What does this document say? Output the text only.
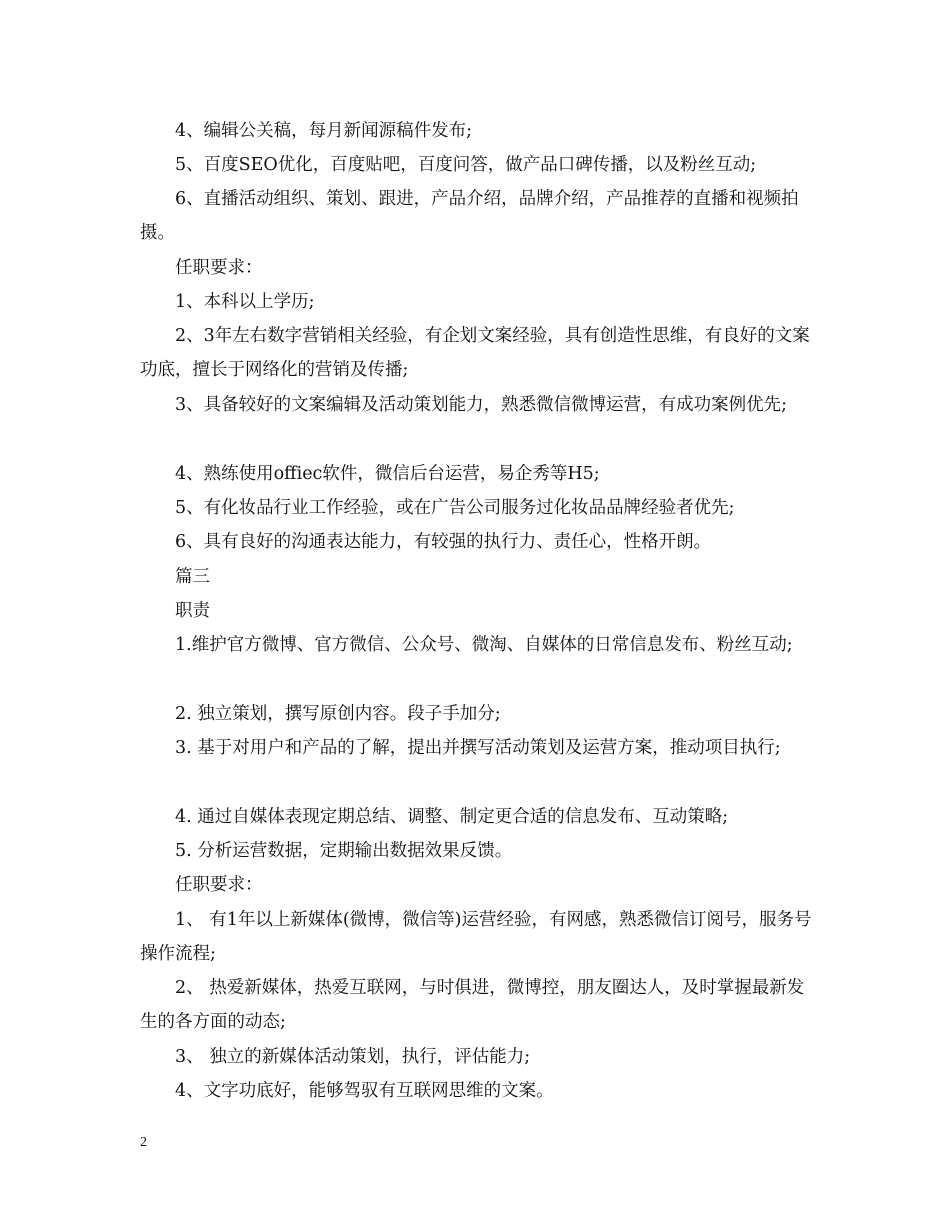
4、编辑公关稿，每月新闻源稿件发布;

5、百度SEO优化，百度贴吧，百度问答，做产品口碑传播，以及粉丝互动;

6、直播活动组织、策划、跟进，产品介绍，品牌介绍，产品推荐的直播和视频拍摄。

任职要求：

1、本科以上学历;

2、3年左右数字营销相关经验，有企划文案经验，具有创造性思维，有良好的文案功底，擅长于网络化的营销及传播;

3、具备较好的文案编辑及活动策划能力，熟悉微信微博运营，有成功案例优先;

4、熟练使用offiec软件，微信后台运营，易企秀等H5;

5、有化妆品行业工作经验，或在广告公司服务过化妆品品牌经验者优先;

6、具有良好的沟通表达能力，有较强的执行力、责任心，性格开朗。

篇三

职责

1.维护官方微博、官方微信、公众号、微淘、自媒体的日常信息发布、粉丝互动;

2. 独立策划，撰写原创内容。段子手加分;

3. 基于对用户和产品的了解，提出并撰写活动策划及运营方案，推动项目执行;

4. 通过自媒体表现定期总结、调整、制定更合适的信息发布、互动策略;

5. 分析运营数据，定期输出数据效果反馈。

任职要求：

1、 有1年以上新媒体(微博，微信等)运营经验，有网感，熟悉微信订阅号，服务号操作流程;

2、 热爱新媒体，热爱互联网，与时俱进，微博控，朋友圈达人，及时掌握最新发生的各方面的动态;

3、 独立的新媒体活动策划，执行，评估能力;

4、文字功底好，能够驾驭有互联网思维的文案。

2
